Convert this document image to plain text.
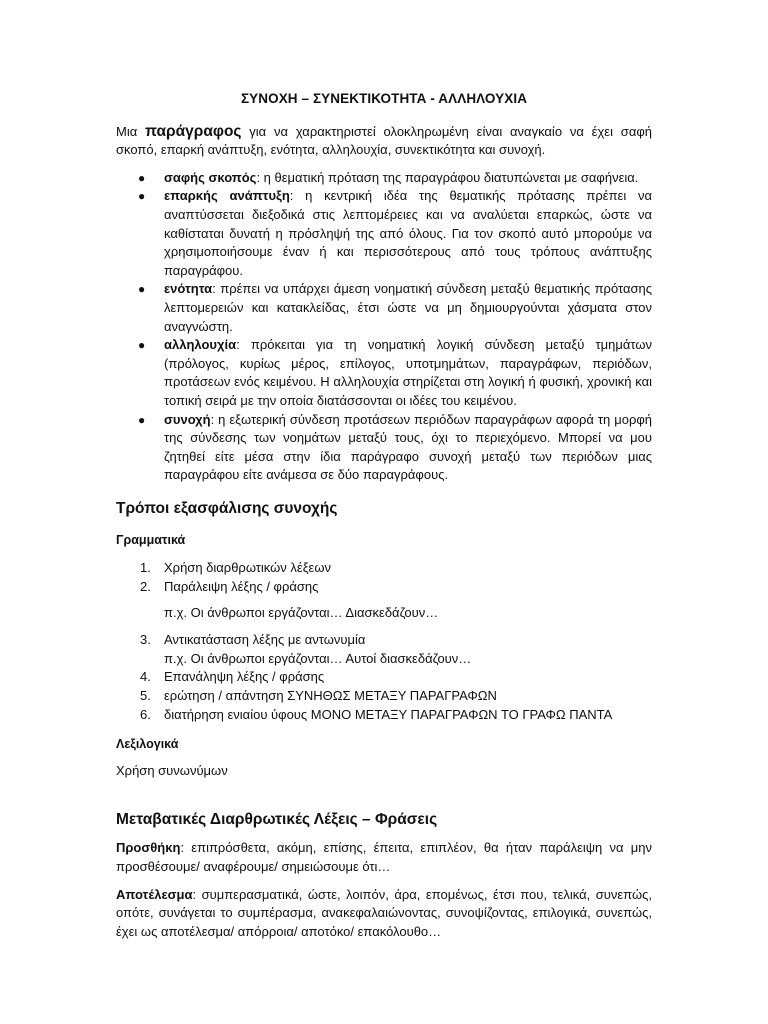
ΣΥΝΟΧΗ – ΣΥΝΕΚΤΙΚΟΤΗΤΑ - ΑΛΛΗΛΟΥΧΙΑ

Μια παράγραφος για να χαρακτηριστεί ολοκληρωμένη είναι αναγκαίο να έχει σαφή σκοπό, επαρκή ανάπτυξη, ενότητα, αλληλουχία, συνεκτικότητα και συνοχή.

● σαφής σκοπός: η θεματική πρόταση της παραγράφου διατυπώνεται με σαφήνεια.
● επαρκής ανάπτυξη: η κεντρική ιδέα της θεματικής πρότασης πρέπει να αναπτύσσεται διεξοδικά στις λεπτομέρειες και να αναλύεται επαρκώς, ώστε να καθίσταται δυνατή η πρόσληψή της από όλους. Για τον σκοπό αυτό μπορούμε να χρησιμοποιήσουμε έναν ή και περισσότερους από τους τρόπους ανάπτυξης παραγράφου.
● ενότητα: πρέπει να υπάρχει άμεση νοηματική σύνδεση μεταξύ θεματικής πρότασης λεπτομερειών και κατακλείδας, έτσι ώστε να μη δημιουργούνται χάσματα στον αναγνώστη.
● αλληλουχία: πρόκειται για τη νοηματική λογική σύνδεση μεταξύ τμημάτων (πρόλογος, κυρίως μέρος, επίλογος, υποτμημάτων, παραγράφων, περιόδων, προτάσεων ενός κειμένου. Η αλληλουχία στηρίζεται στη λογική ή φυσική, χρονική και τοπική σειρά με την οποία διατάσσονται οι ιδέες του κειμένου.
● συνοχή: η εξωτερική σύνδεση προτάσεων περιόδων παραγράφων αφορά τη μορφή της σύνδεσης των νοημάτων μεταξύ τους, όχι το περιεχόμενο. Μπορεί να μου ζητηθεί είτε μέσα στην ίδια παράγραφο συνοχή μεταξύ των περιόδων μιας παραγράφου είτε ανάμεσα σε δύο παραγράφους.
Τρόποι εξασφάλισης συνοχής

Γραμματικά

1. Χρήση διαρθρωτικών λέξεων
2. Παράλειψη λέξης / φράσης

π.χ. Οι άνθρωποι εργάζονται… Διασκεδάζουν…

3. Αντικατάσταση λέξης με αντωνυμία

π.χ. Οι άνθρωποι εργάζονται… Αυτοί διασκεδάζουν…

4. Επανάληψη λέξης / φράσης
5. ερώτηση / απάντηση ΣΥΝΗΘΩΣ ΜΕΤΑΞΥ ΠΑΡΑΓΡΑΦΩΝ
6. διατήρηση ενιαίου ύφους ΜΟΝΟ ΜΕΤΑΞΥ ΠΑΡΑΓΡΑΦΩΝ ΤΟ ΓΡΑΦΩ ΠΑΝΤΑ

Λεξιλογικά

Χρήση συνωνύμων

Μεταβατικές Διαρθρωτικές Λέξεις – Φράσεις

Προσθήκη: επιπρόσθετα, ακόμη, επίσης, έπειτα, επιπλέον, θα ήταν παράλειψη να μην προσθέσουμε/ αναφέρουμε/ σημειώσουμε ότι…

Αποτέλεσμα: συμπερασματικά, ώστε, λοιπόν, άρα, επομένως, έτσι που, τελικά, συνεπώς, οπότε, συνάγεται το συμπέρασμα, ανακεφαλαιώνοντας, συνοψίζοντας, επιλογικά, συνεπώς, έχει ως αποτέλεσμα/ απόρροια/ αποτόκο/ επακόλουθο…
